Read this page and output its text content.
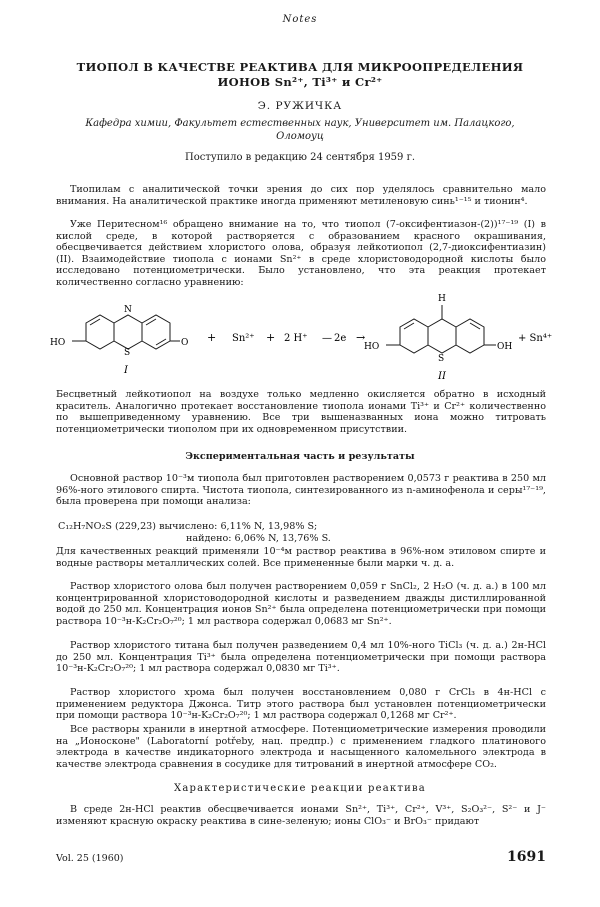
Notes
ТИОПОЛ В КАЧЕСТВЕ РЕАКТИВА ДЛЯ МИКРООПРЕДЕЛЕНИЯ
ИОНОВ Sn²⁺, Ti³⁺ и Cr²⁺
Э. РУЖИЧКА
Кафедра химии, Факультет естественных наук, Университет им. Палацкого,
Оломоуц
Поступило в редакцию 24 сентября 1959 г.
Тиопилам с аналитической точки зрения до сих пор уделялось сравнительно мало внимания. На аналитической практике иногда применяют метиленовую синь¹⁻¹⁵ и тионин⁴.
Уже Перитесном¹⁶ обращено внимание на то, что тиопол (7-оксифентиазон-(2))¹⁷⁻¹⁹ (I) в кислой среде, в которой растворяется с образованием красного окрашивания, обесцвечивается действием хлористого олова, образуя лейкотиопол (2,7-диоксифентиазин) (II). Взаимодействие тиопола с ионами Sn²⁺ в среде хлористоводородной кислоты было исследовано потенциометрически. Было установлено, что эта реакция протекает количественно согласно уравнению:
N
S
HO	O
I
+ Sn²⁺ + 2 H⁺ — 2e →
H
S
HO	OH
II
+ Sn⁴⁺
Бесцветный лейкотиопол на воздухе только медленно окисляется обратно в исходный краситель. Аналогично протекает восстановление тиопола ионами Ti³⁺ и Cr²⁺ количественно по вышеприведенному уравнению. Все три вышеназванных иона можно титровать потенциометрически тиополом при их одновременном присутствии.
Экспериментальная часть и результаты
Основной раствор 10⁻³м тиопола был приготовлен растворением 0,0573 г реактива в 250 мл 96%-ного этилового спирта. Чистота тиопола, синтезированного из n-аминофенола и серы¹⁷⁻¹⁹, была проверена при помощи анализа:
C₁₂H₇NO₂S (229,23) вычислено: 6,11% N, 13,98% S;
найдено: 6,06% N, 13,76% S.
Для качественных реакций применяли 10⁻⁴м раствор реактива в 96%-ном этиловом спирте и водные растворы металлических солей. Все примененные были марки ч. д. а.
Раствор хлористого олова был получен растворением 0,059 г SnCl₂, 2 H₂O (ч. д. а.) в 100 мл концентрированной хлористоводородной кислоты и разведением дважды дистиллированной водой до 250 мл. Концентрация ионов Sn²⁺ была определена потенциометрически при помощи раствора 10⁻³н-K₂Cr₂O₇²⁰; 1 мл раствора содержал 0,0683 мг Sn²⁺.
Раствор хлористого титана был получен разведением 0,4 мл 10%-ного TiCl₃ (ч. д. а.) 2н-HCl до 250 мл. Концентрация Ti³⁺ была определена потенциометрически при помощи раствора 10⁻³н-K₂Cr₂O₇²⁰; 1 мл раствора содержал 0,0830 мг Ti³⁺.
Раствор хлористого хрома был получен восстановлением 0,080 г CrCl₃ в 4н-HCl с применением редуктора Джонса. Титр этого раствора был установлен потенциометрически при помощи раствора 10⁻³н-K₂Cr₂O₇²⁰; 1 мл раствора содержал 0,1268 мг Cr²⁺.
Все растворы хранили в инертной атмосфере. Потенциометрические измерения проводили на „Ионосконе" (Laboratorní potřeby, нац. предпр.) с применением гладкого платинового электрода в качестве индикаторного электрода и насыщенного каломельного электрода в качестве электрода сравнения в сосудике для титрований в инертной атмосфере CO₂.
Характеристические реакции реактива
В среде 2н-HCl реактив обесцвечивается ионами Sn²⁺, Ti³⁺, Cr²⁺, V³⁺, S₂O₃²⁻, S²⁻ и J⁻ изменяют красную окраску реактива в сине-зеленую; ионы ClO₃⁻ и BrO₃⁻ придают
Vol. 25 (1960)	1691
